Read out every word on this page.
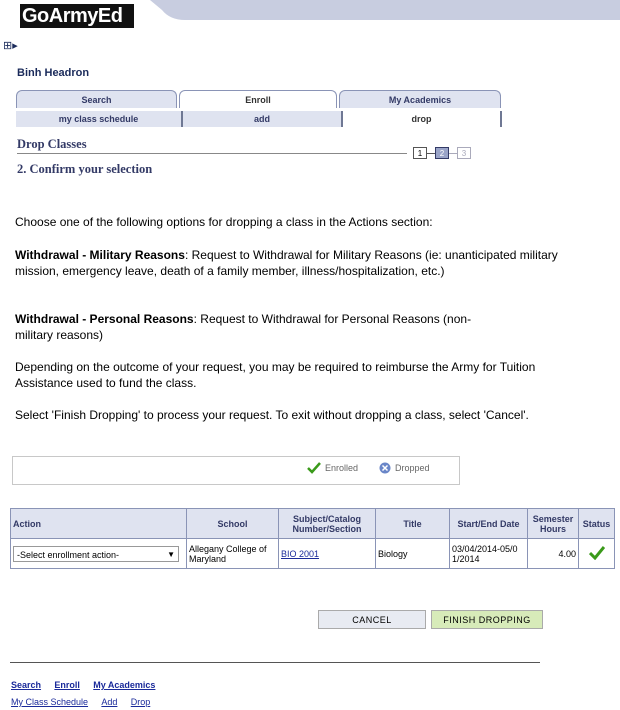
GoArmyEd
⊞▸
Binh Headron
Search	Enroll	My Academics
my class schedule	add	drop
Drop Classes
1	2	3
2. Confirm your selection
Choose one of the following options for dropping a class in the Actions section:
Withdrawal - Military Reasons: Request to Withdrawal for Military Reasons (ie: unanticipated military mission, emergency leave, death of a family member, illness/hospitalization, etc.)
Withdrawal - Personal Reasons: Request to Withdrawal for Personal Reasons (non-military reasons)
Depending on the outcome of your request, you may be required to reimburse the Army for Tuition Assistance used to fund the class.
Select 'Finish Dropping' to process your request. To exit without dropping a class, select 'Cancel'.
Enrolled	Dropped
Action	School	Subject/Catalog Number/Section	Title	Start/End Date	Semester Hours	Status
-Select enrollment action- ▼	Allegany College of Maryland	BIO 2001	Biology	03/04/2014-05/01/2014	4.00	
CANCEL	FINISH DROPPING
Search Enroll My Academics
My Class Schedule Add Drop
